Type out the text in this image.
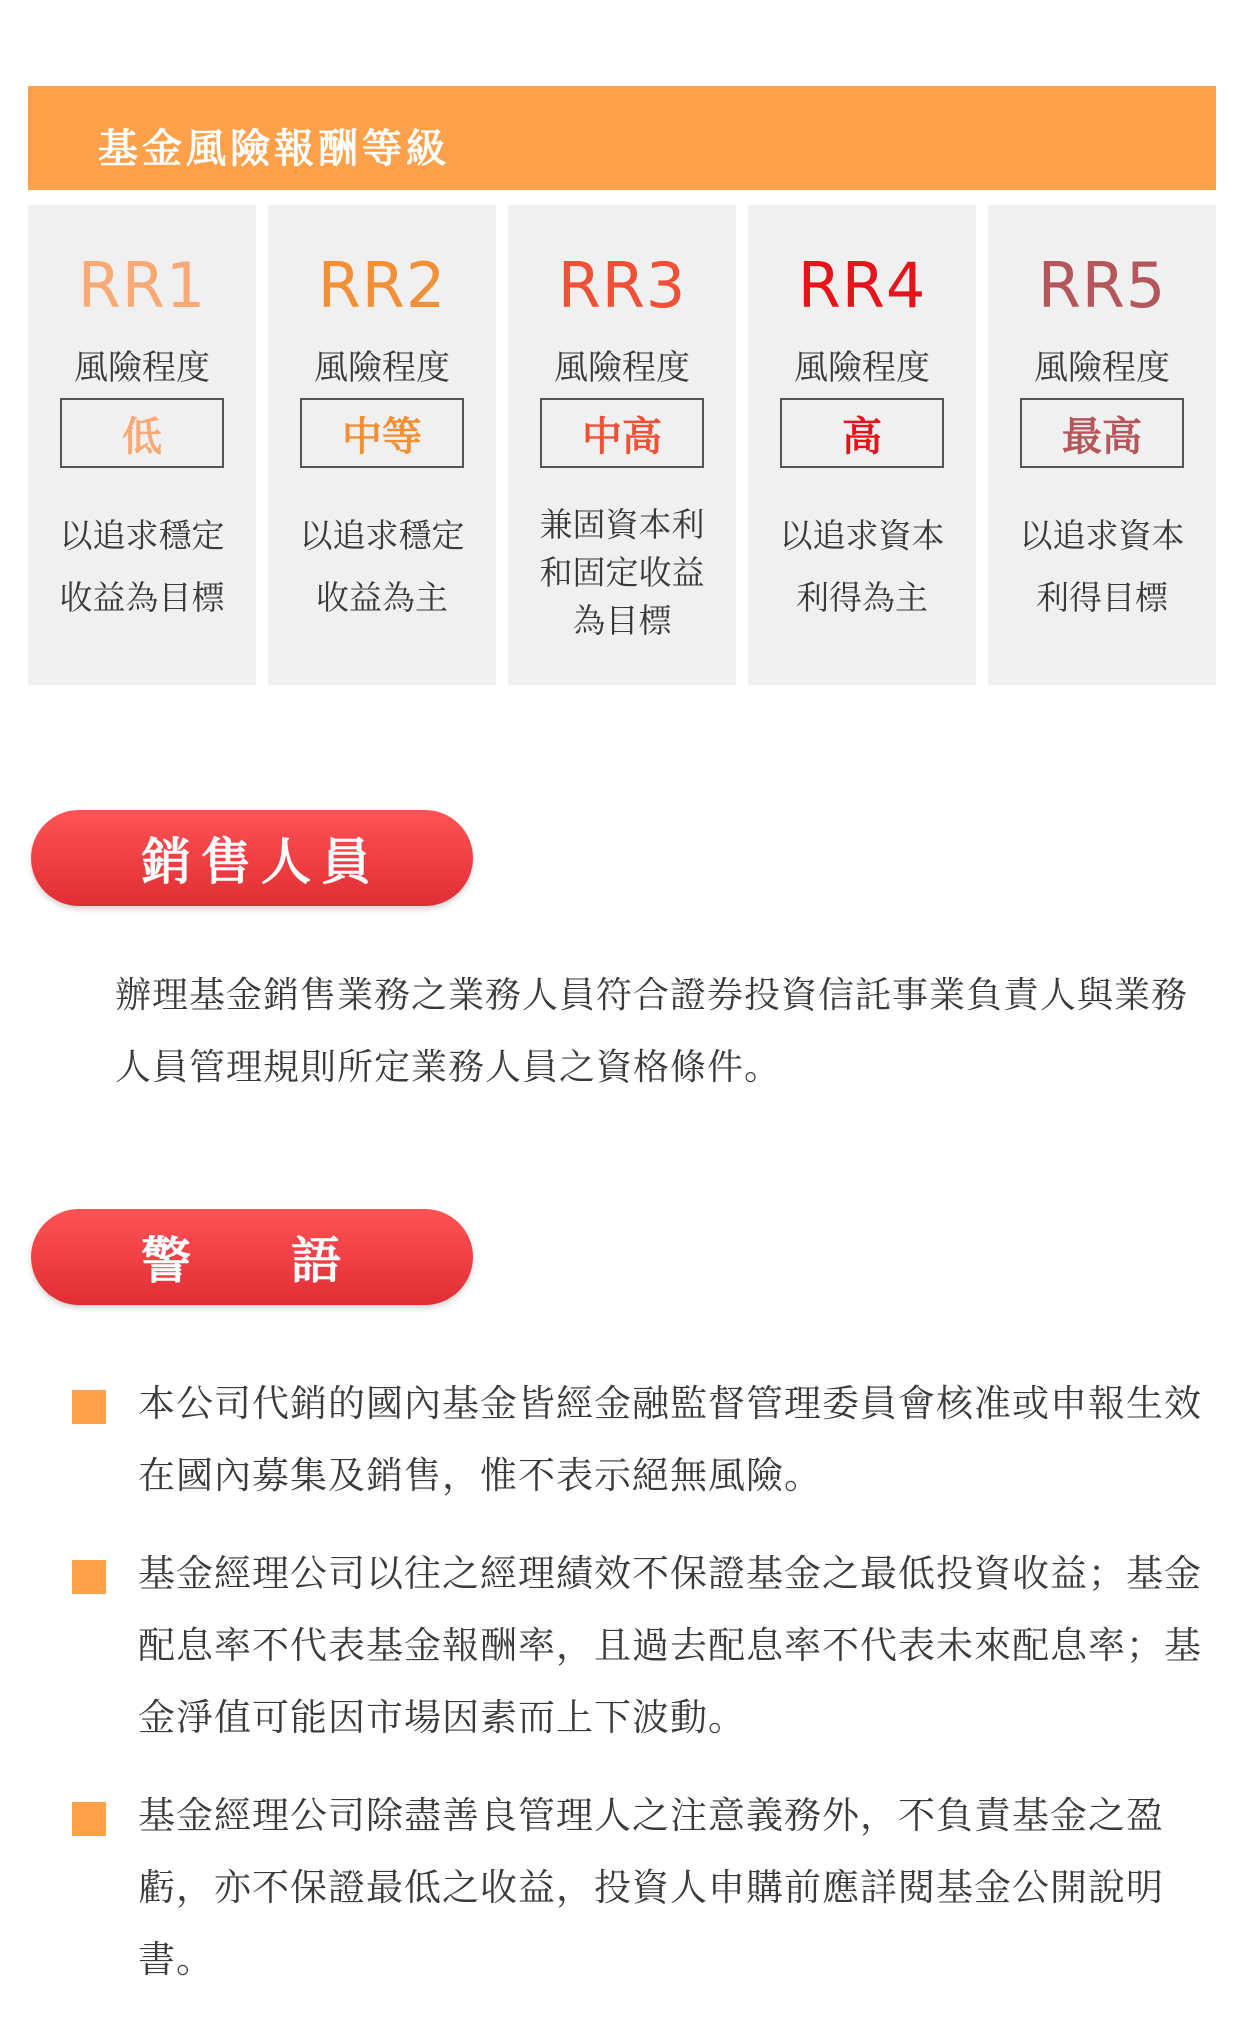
基金風險報酬等級
RR1
風險程度
低
以追求穩定收益為目標
RR2
風險程度
中等
以追求穩定收益為主
RR3
風險程度
中高
兼固資本利和固定收益為目標
RR4
風險程度
高
以追求資本利得為主
RR5
風險程度
最高
以追求資本利得目標
銷售人員
辦理基金銷售業務之業務人員符合證券投資信託事業負責人與業務人員管理規則所定業務人員之資格條件。
警　　語
本公司代銷的國內基金皆經金融監督管理委員會核准或申報生效在國內募集及銷售，惟不表示絕無風險。
基金經理公司以往之經理績效不保證基金之最低投資收益；基金配息率不代表基金報酬率，且過去配息率不代表未來配息率；基金淨值可能因市場因素而上下波動。
基金經理公司除盡善良管理人之注意義務外，不負責基金之盈虧，亦不保證最低之收益，投資人申購前應詳閱基金公開說明書。
